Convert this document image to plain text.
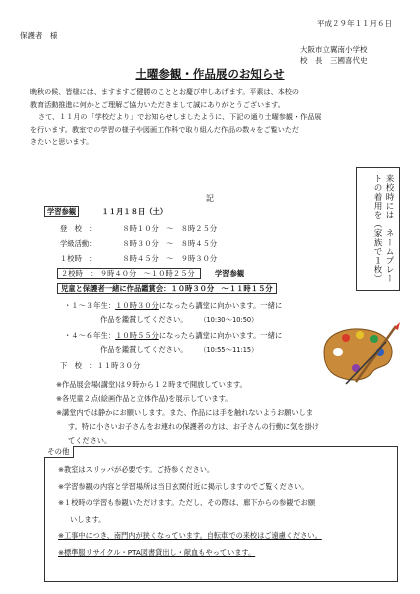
平成２９年１１月６日
保護者　様
大阪市立翼南小学校
校　長　三國喜代史
土曜参観・作品展のお知らせ

晩秋の候、皆様には、ますますご健勝のこととお慶び申しあげます。平素は、本校の

教育活動推進に何かとご理解ご協力いただきまして誠にありがとうございます。

さて、１１月の「学校だより」でお知らせしましたように、下記の通り土曜参観・作品展

を行います。教室での学習の様子や図画工作科で取り組んだ作品の数々をご覧いただ

きたいと思います。

記	来校時には　ネームプレートの着用を（家族で１枚）
学習参観	１１月１８日（土）
登　校　：	８時１０分　～　８時２５分
学級活動：	８時３０分　～　８時４５分
１校時　：	８時４５分　～　９時３０分
２校時　： ９時４０分　～１０時２５分	学習参観
児童と保護者一緒に作品鑑賞会：１０時３０分　～１１時１５分
・１～３年生：１０時３０分になったら講堂に向かいます。一緒に
作品を鑑賞してください。 （10:30～10:50）
・４～６年生：１０時５５分になったら講堂に向かいます。一緒に
作品を鑑賞してください。 （10:55～11:15）
下　校　：１１時３０分
※作品展会場(講堂)は９時から１２時まで開放しています。
※各児童２点(絵画作品と立体作品)を展示しています。
※講堂内では静かにお願いします。また、作品には手を触れないようお願いしま
す。特に小さいお子さんをお連れの保護者の方は、お子さんの行動に気を掛け
てください。
その他
※教室はスリッパが必要です。ご持参ください。
※学習参観の内容と学習場所は当日玄関付近に掲示しますのでご覧ください。
※１校時の学習も参観いただけます。ただし、その際は、廊下からの参観でお願
いします。
※工事中につき、南門内が狭くなっています。自転車での来校はご遠慮ください。
※標準服リサイクル・PTA図書貸出し・献血もやっています。
